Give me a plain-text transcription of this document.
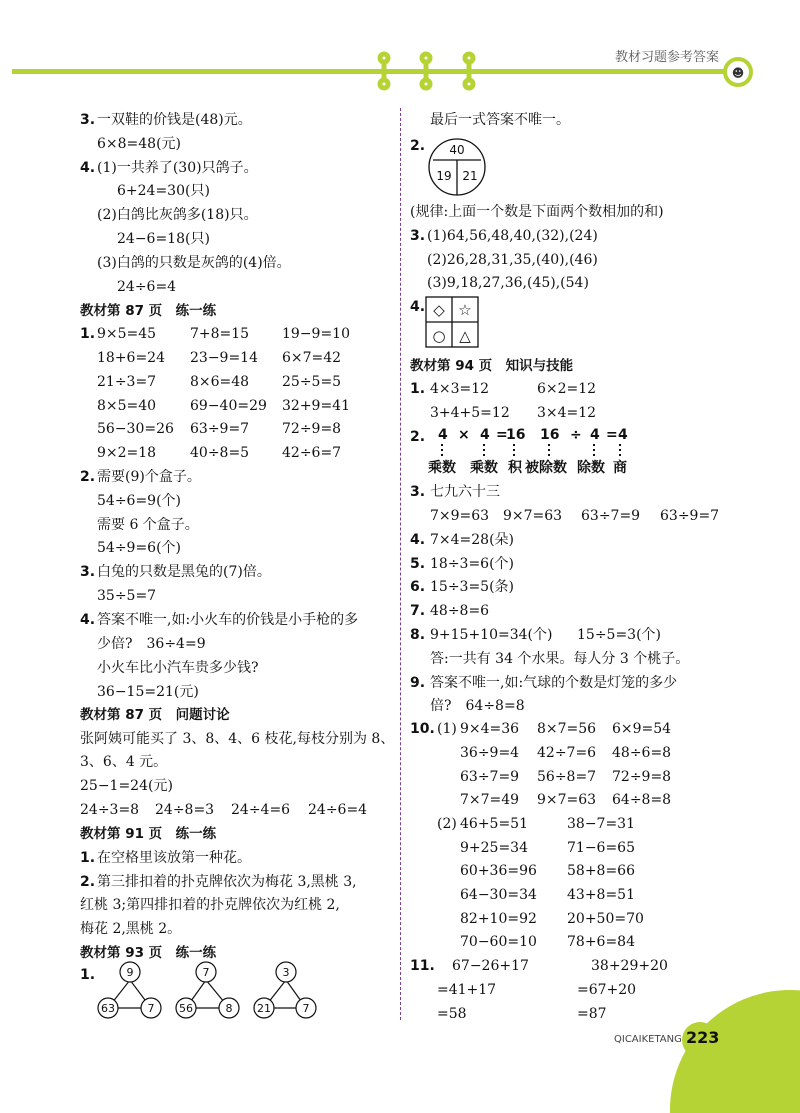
☻
教材习题参考答案
QICAIKETANG 223
3. 一双鞋的价钱是(48)元。
6×8=48(元)
4. (1)一共养了(30)只鸽子。
6+24=30(只)
(2)白鸽比灰鸽多(18)只。
24−6=18(只)
(3)白鸽的只数是灰鸽的(4)倍。
24÷6=4
教材第 87 页　练一练
1. 9×5=45 7+8=15 19−9=10
18+6=24 23−9=14 6×7=42
21÷3=7 8×6=48 25÷5=5
8×5=40 69−40=29 32+9=41
56−30=26 63÷9=7 72÷9=8
9×2=18 40÷8=5 42÷6=7
2. 需要(9)个盒子。
54÷6=9(个)
需要 6 个盒子。
54÷9=6(个)
3. 白兔的只数是黑兔的(7)倍。
35÷5=7
4. 答案不唯一,如:小火车的价钱是小手枪的多
少倍?　36÷4=9
小火车比小汽车贵多少钱?
36−15=21(元)
教材第 87 页　问题讨论
张阿姨可能买了 3、8、4、6 枝花,每枝分别为 8、
3、6、4 元。
25−1=24(元)
24÷3=8 24÷8=3 24÷4=6 24÷6=4
教材第 91 页　练一练
1. 在空格里该放第一种花。
2. 第三排扣着的扑克牌依次为梅花 3,黑桃 3,
红桃 3;第四排扣着的扑克牌依次为红桃 2,
梅花 2,黑桃 2。
教材第 93 页　练一练
1.	9
63	7
7
56	8
3
21	7
最后一式答案不唯一。
2. 40
19 21
(规律:上面一个数是下面两个数相加的和)
3. (1)64,56,48,40,(32),(24)
(2)26,28,31,35,(40),(46)
(3)9,18,27,36,(45),(54)
4. ◇ ☆
○ △
教材第 94 页　知识与技能
1. 4×3=12	6×2=12
3+4+5=12 3×4=12
2. 4 × 4 =
16 16 ÷ 4 = 4
乘数 乘数 积 被除数 除数 商
3. 七九六十三
7×9=63 9×7=63 63÷7=9 63÷9=7
4. 7×4=28(朵)
5. 18÷3=6(个)
6. 15÷3=5(条)
7. 48÷8=6
8. 9+15+10=34(个) 15÷5=3(个)
答:一共有 34 个水果。每人分 3 个桃子。
9. 答案不唯一,如:气球的个数是灯笼的多少
倍?　64÷8=8
10. (1) 9×4=36 8×7=56 6×9=54
36÷9=4 42÷7=6 48÷6=8
63÷7=9 56÷8=7 72÷9=8
7×7=49 9×7=63 64÷8=8
(2) 46+5=51	38−7=31
9+25=34	71−6=65
60+36=96 58+8=66
64−30=34 43+8=51
82+10=92 20+50=70
70−60=10 78+6=84
11. 67−26+17
=41+17
=58
38+29+20
=67+20
=87
